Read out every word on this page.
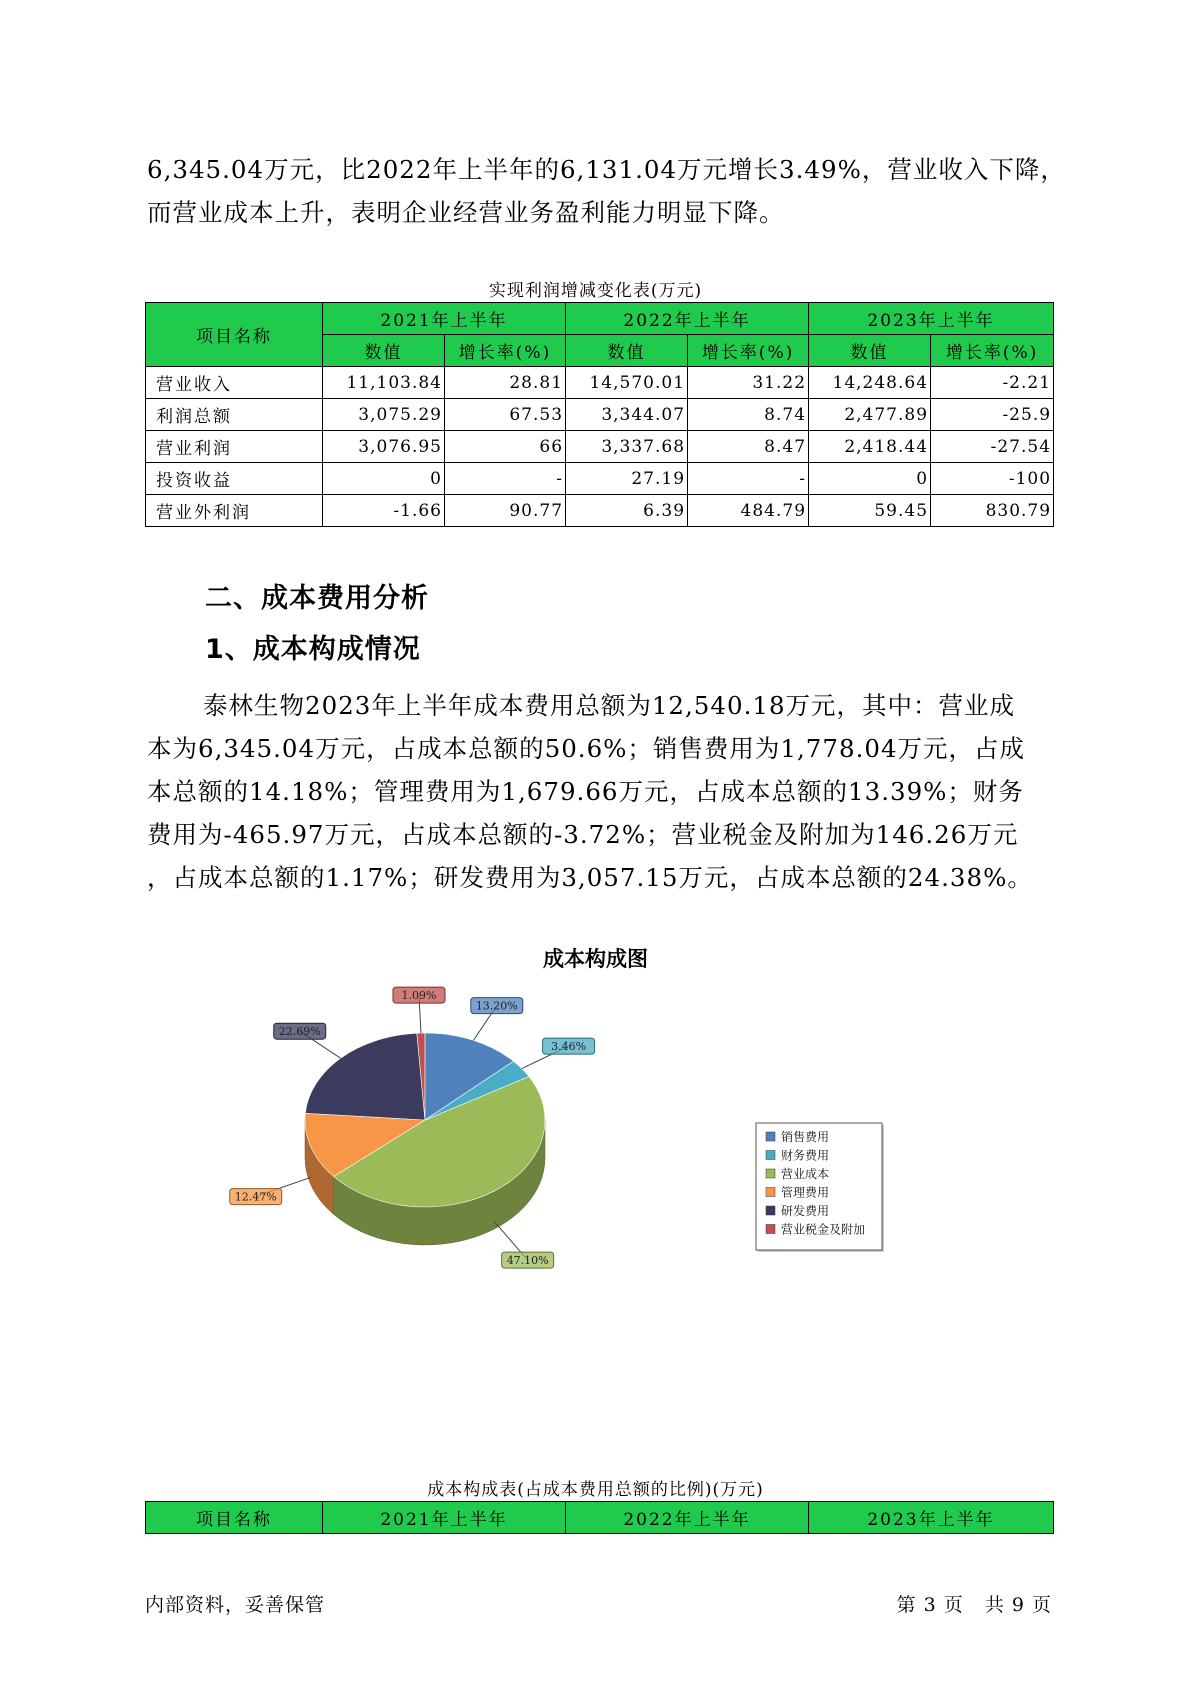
6,345.04万元，比2022年上半年的6,131.04万元增长3.49%，营业收入下降，
而营业成本上升，表明企业经营业务盈利能力明显下降。

实现利润增减变化表(万元)
项目名称	2021年上半年		2022年上半年		2023年上半年	
	数值	增长率(%)	数值	增长率(%)	数值	增长率(%)
营业收入	11,103.84	28.81	14,570.01	31.22	14,248.64	-2.21
利润总额	3,075.29	67.53	3,344.07	8.74	2,477.89	-25.9
营业利润	3,076.95	66	3,337.68	8.47	2,418.44	-27.54
投资收益	0	-	27.19	-	0	-100
营业外利润	-1.66	90.77	6.39	484.79	59.45	830.79
二、成本费用分析
1、成本构成情况

泰林生物2023年上半年成本费用总额为12,540.18万元，其中：营业成
本为6,345.04万元，占成本总额的50.6%；销售费用为1,778.04万元，占成
本总额的14.18%；管理费用为1,679.66万元，占成本总额的13.39%；财务
费用为-465.97万元，占成本总额的-3.72%；营业税金及附加为146.26万元
，占成本总额的1.17%；研发费用为3,057.15万元，占成本总额的24.38%。

成本构成图
47.10%
12.47%
22.69%
1.09%
13.20%
3.46%
销售费用
财务费用
营业成本
管理费用
研发费用
营业税金及附加
成本构成表(占成本费用总额的比例)(万元)
项目名称	2021年上半年	2022年上半年	2023年上半年
内部资料，妥善保管	第 3 页   共 9 页
